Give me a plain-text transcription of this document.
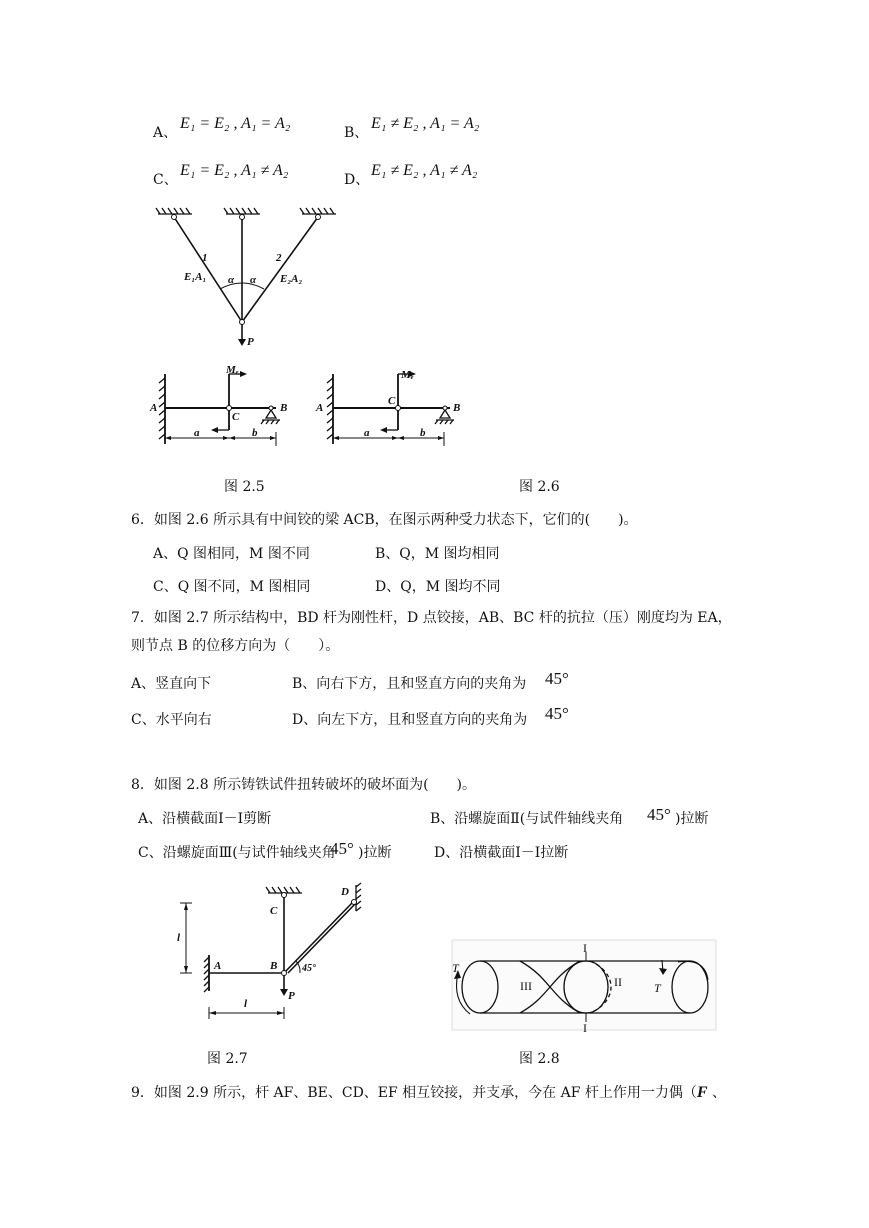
A、
E₁ = E₂ , A₁ = A₂
B、
E₁ ≠ E₂ , A₁ = A₂
C、
E₁ = E₂ , A₁ ≠ A₂
D、
E₁ ≠ E₂ , A₁ ≠ A₂
1	2
E₁A₁	E₂A₂
α α
P
A
C
B
Mₑ
a	b
A
C
B
Mₑ
a	b
图 2.5	图 2.6
6．如图 2.6 所示具有中间铰的梁 ACB，在图示两种受力状态下，它们的(　　)。
A、Q 图相同，M 图不同	B、Q，M 图均相同
C、Q 图不同，M 图相同	D、Q，M 图均不同
7．如图 2.7 所示结构中，BD 杆为刚性杆，D 点铰接，AB、BC 杆的抗拉（压）刚度均为 EA，
则节点 B 的位移方向为（　　）。
A、竖直向下	B、向右下方，且和竖直方向的夹角为 45°
C、水平向右	D、向左下方，且和竖直方向的夹角为 45°
8．如图 2.8 所示铸铁试件扭转破坏的破坏面为(　　)。
A、沿横截面Ⅰ－Ⅰ剪断	B、沿螺旋面Ⅱ(与试件轴线夹角 45° )拉断
C、沿螺旋面Ⅲ(与试件轴线夹角
45° )拉断	D、沿横截面Ⅰ－Ⅰ拉断
A	B
C
D
P
45°
l
l
T
T
I
I
II
III
图 2.7	图 2.8
9．如图 2.9 所示，杆 AF、BE、CD、EF 相互铰接，并支承，今在 AF 杆上作用一力偶（F 、
